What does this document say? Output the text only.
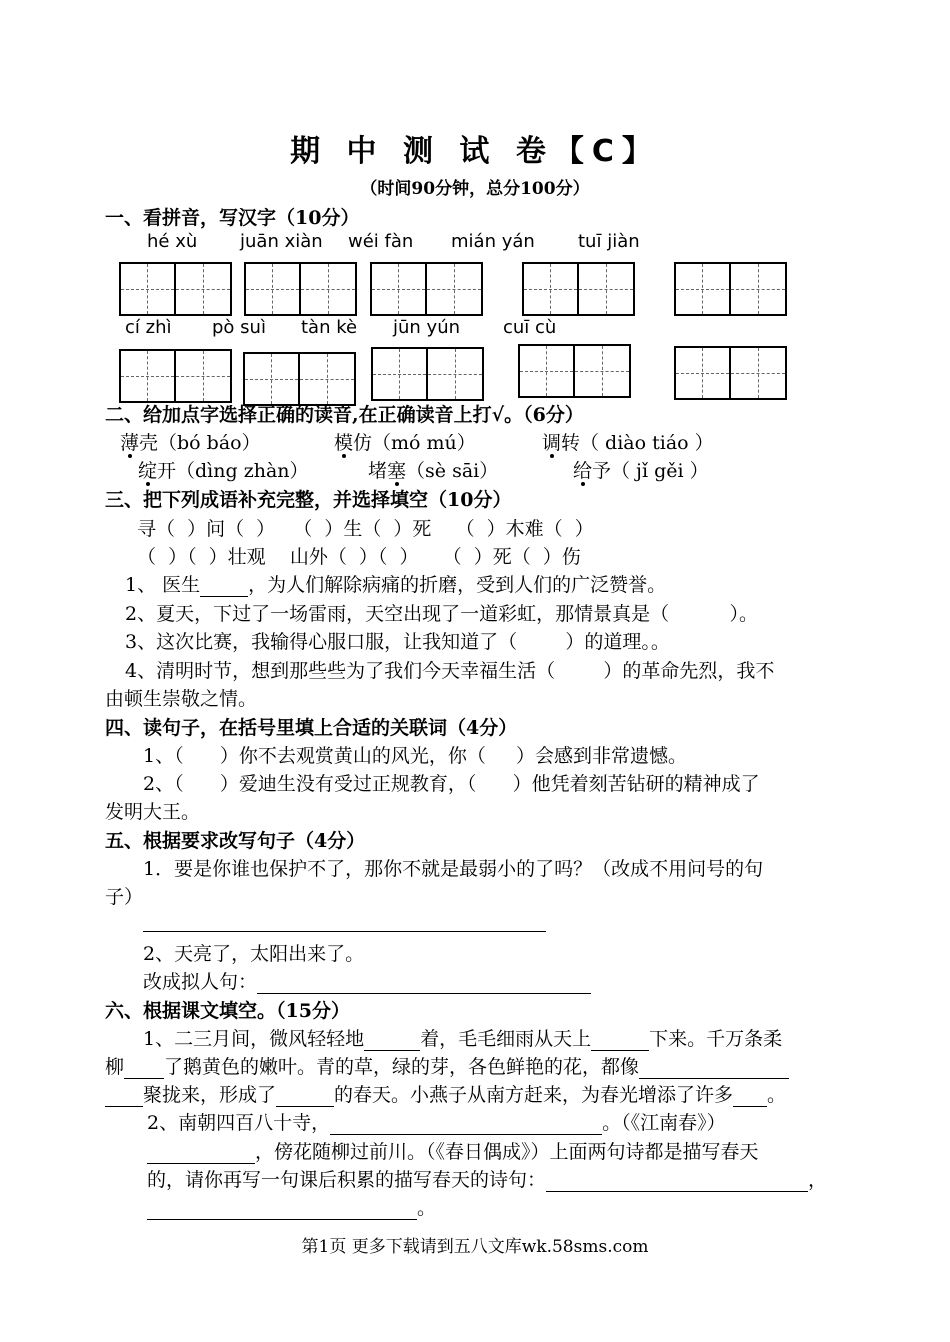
期 中 测 试 卷【C】
（时间90分钟，总分100分）
一、看拼音，写汉字（10分）
hé xù juān xiàn wéi fàn mián yán tuī jiàn
cí zhì pò suì tàn kè jūn yún cuī cù
二、给加点字选择正确的读音,在正确读音上打√。（6分）
薄壳（bó báo）	模仿（mó mú）	调转（ diào tiáo ）
绽开（dìng zhàn）	堵塞（sè sāi）	给予（ jǐ gěi ）
三、把下列成语补充完整，并选择填空（10分）
寻（  ）问（  ）   （  ）生（  ）死    （  ）木难（  ）
（  ）（  ）壮观    山外（  ）（  ）    （  ）死（  ）伤
1、 医生	，为人们解除病痛的折磨，受到人们的广泛赞誉。
2、夏天，下过了一场雷雨，天空出现了一道彩虹，那情景真是（          ）。
3、这次比赛，我输得心服口服，让我知道了（        ）的道理。。
4、清明时节，想到那些些为了我们今天幸福生活（        ）的革命先烈，我不
由顿生崇敬之情。
四、读句子，在括号里填上合适的关联词（4分）
1、（      ）你不去观赏黄山的风光，你（     ）会感到非常遗憾。
2、（      ）爱迪生没有受过正规教育，（      ）他凭着刻苦钻研的精神成了
发明大王。
五、根据要求改写句子（4分）
1．要是你谁也保护不了，那你不就是最弱小的了吗？（改成不用问号的句
子）
2、天亮了，太阳出来了。
改成拟人句：
六、根据课文填空。（15分）
1、二三月间，微风轻轻地	着，毛毛细雨从天上	下来。千万条柔
柳 了鹅黄色的嫩叶。青的草，绿的芽，各色鲜艳的花，都像
聚拢来，形成了	的春天。小燕子从南方赶来，为春光增添了许多 。
2、南朝四百八十寺，	。（《江南春》）
，傍花随柳过前川。（《春日偶成》）上面两句诗都是描写春天
的，请你再写一句课后积累的描写春天的诗句：	，
。
第1页 更多下载请到五八文库wk.58sms.com
